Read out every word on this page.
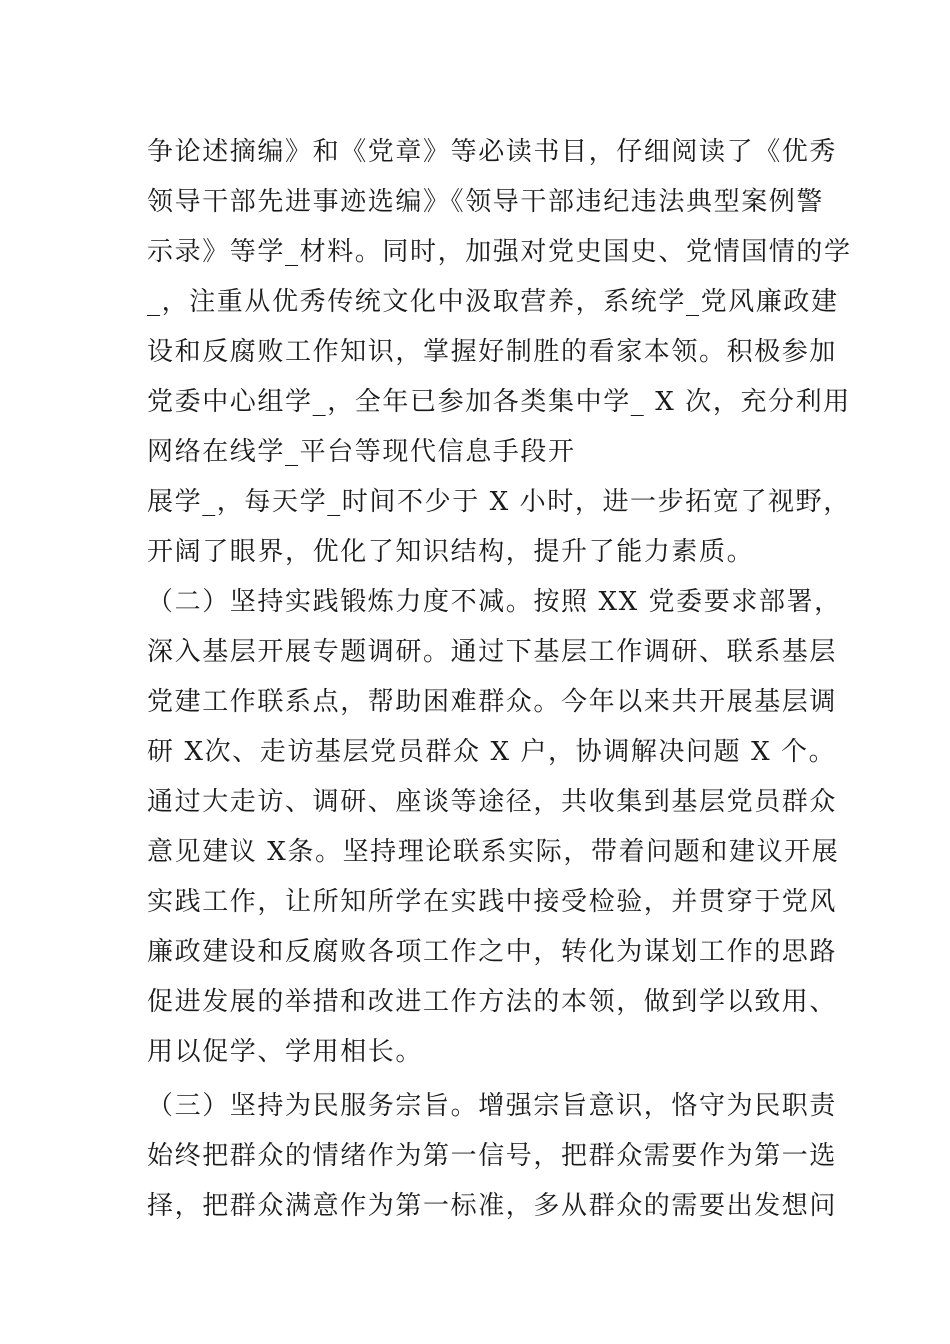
争论述摘编》和《党章》等必读书目，仔细阅读了《优秀
领导干部先进事迹选编》《领导干部违纪违法典型案例警
示录》等学_材料。同时，加强对党史国史、党情国情的学
_，注重从优秀传统文化中汲取营养，系统学_党风廉政建
设和反腐败工作知识，掌握好制胜的看家本领。积极参加
党委中心组学_，全年已参加各类集中学_ X 次，充分利用
网络在线学_平台等现代信息手段开
展学_，每天学_时间不少于 X 小时，进一步拓宽了视野，
开阔了眼界，优化了知识结构，提升了能力素质。
（二）坚持实践锻炼力度不减。按照 XX 党委要求部署，
深入基层开展专题调研。通过下基层工作调研、联系基层
党建工作联系点，帮助困难群众。今年以来共开展基层调
研 X次、走访基层党员群众 X 户，协调解决问题 X 个。
通过大走访、调研、座谈等途径，共收集到基层党员群众
意见建议 X条。坚持理论联系实际，带着问题和建议开展
实践工作，让所知所学在实践中接受检验，并贯穿于党风
廉政建设和反腐败各项工作之中，转化为谋划工作的思路
促进发展的举措和改进工作方法的本领，做到学以致用、
用以促学、学用相长。
（三）坚持为民服务宗旨。增强宗旨意识，恪守为民职责
始终把群众的情绪作为第一信号，把群众需要作为第一选
择，把群众满意作为第一标准，多从群众的需要出发想问
